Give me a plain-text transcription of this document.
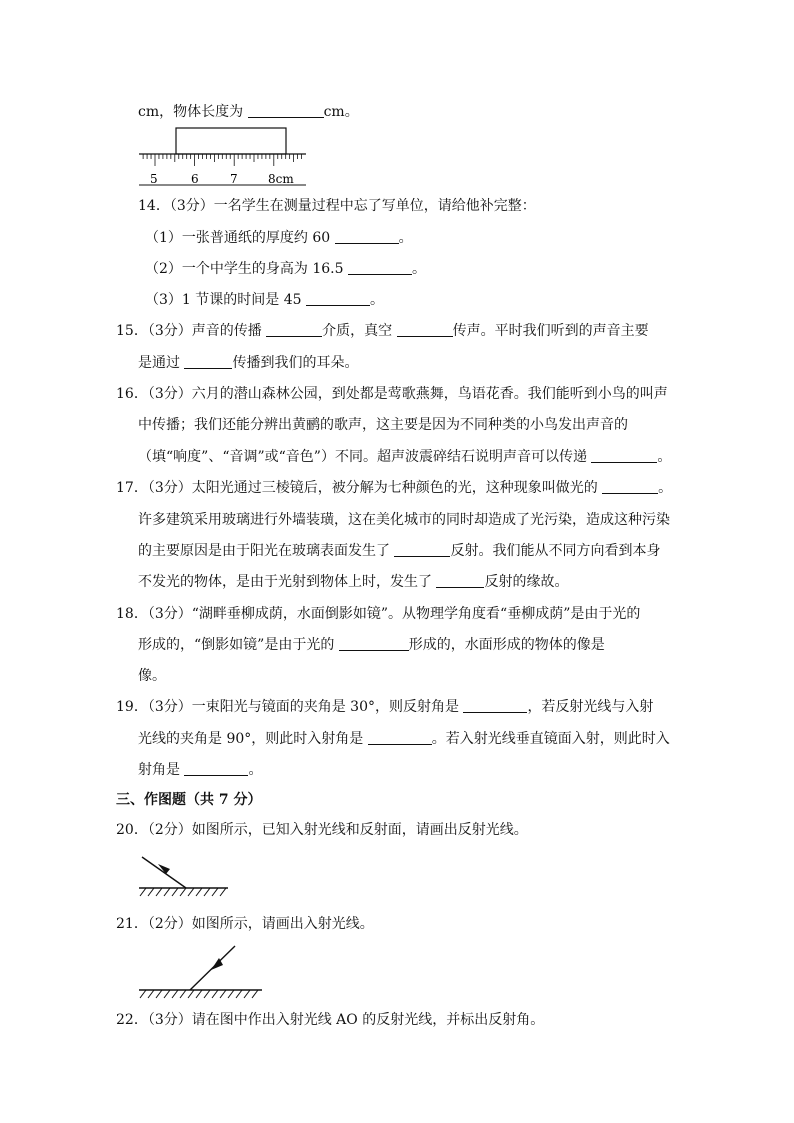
cm，物体长度为	cm。
5	6	7	8cm
14．（3分）一名学生在测量过程中忘了写单位，请给他补完整：
（1）一张普通纸的厚度约 60	。
（2）一个中学生的身高为 16.5	。
（3）1 节课的时间是 45	。
15．（3分）声音的传播	介质，真空	传声。平时我们听到的声音主要
是通过	传播到我们的耳朵。
16．（3分）六月的潜山森林公园，到处都是莺歌燕舞，鸟语花香。我们能听到小鸟的叫声
中传播；我们还能分辨出黄鹂的歌声，这主要是因为不同种类的小鸟发出声音的
（填“响度”、“音调”或“音色”）不同。超声波震碎结石说明声音可以传递	。
17．（3分）太阳光通过三棱镜后，被分解为七种颜色的光，这种现象叫做光的	。
许多建筑采用玻璃进行外墙装璜，这在美化城市的同时却造成了光污染，造成这种污染
的主要原因是由于阳光在玻璃表面发生了	反射。我们能从不同方向看到本身
不发光的物体，是由于光射到物体上时，发生了	反射的缘故。
18．（3分）“湖畔垂柳成荫，水面倒影如镜”。从物理学角度看“垂柳成荫”是由于光的
形成的，“倒影如镜”是由于光的	形成的，水面形成的物体的像是
像。
19．（3分）一束阳光与镜面的夹角是 30°，则反射角是	，若反射光线与入射
光线的夹角是 90°，则此时入射角是	。若入射光线垂直镜面入射，则此时入
射角是	。
三、作图题（共 7 分）
20．（2分）如图所示，已知入射光线和反射面，请画出反射光线。
21．（2分）如图所示，请画出入射光线。
22．（3分）请在图中作出入射光线 AO 的反射光线，并标出反射角。
